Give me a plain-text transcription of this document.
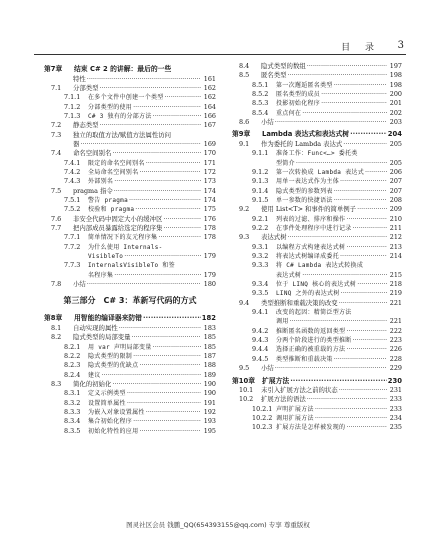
目 录 3
第7章	结束 C# 2 的讲解：最后的一些
特性 ·····	161
7.1	分部类型 ·····	162
7.1.1	在多个文件中创建一个类型 ·····	162
7.1.2	分部类型的使用 ·····	164
7.1.3	C# 3 独有的分部方法 ·····	166
7.2	静态类型 ·····	167
7.3	独立的取值方法/赋值方法属性访问
器 ·····	169
7.4	命名空间别名 ·····	170
7.4.1	限定的命名空间别名 ·····	171
7.4.2	全局命名空间别名 ·····	172
7.4.3	外部别名 ·····	173
7.5	pragma 指令 ·····	174
7.5.1	警告 pragma ·····	174
7.5.2	校验和 pragma ·····	175
7.6	非安全代码中固定大小的缓冲区 ·····	176
7.7	把内部成员暴露给选定的程序集 ·····	178
7.7.1	简单情况下的友元程序集 ·····	178
7.7.2	为什么使用 Internals-
VisibleTo ·····	179
7.7.3	InternalsVisibleTo 和签
名程序集 ·····	179
7.8	小结 ·····	180
第三部分 C# 3：革新写代码的方式
第8章	用智能的编译器来防错 ·····	182
8.1	自动实现的属性 ·····	183
8.2	隐式类型的局部变量 ·····	185
8.2.1	用 var 声明局部变量 ·····	185
8.2.2	隐式类型的限制 ·····	187
8.2.3	隐式类型的优缺点 ·····	188
8.2.4	建议 ·····	189
8.3	简化的初始化 ·····	190
8.3.1	定义示例类型 ·····	190
8.3.2	设置简单属性 ·····	191
8.3.3	为嵌入对象设置属性 ·····	192
8.3.4	集合初始化程序 ·····	193
8.3.5	初始化特性的应用 ·····	195
8.4	隐式类型的数组 ·····	197
8.5	匿名类型 ·····	198
8.5.1	第一次邂逅匿名类型 ·····	198
8.5.2	匿名类型的成员 ·····	200
8.5.3	投影初始化程序 ·····	201
8.5.4	重点何在 ·····	202
8.6	小结 ·····	203
第9章	Lambda 表达式和表达式树 ·····	204
9.1	作为委托的 Lambda 表达式 ·····	205
9.1.1	准备工作：Func<…> 委托类
型简介 ·····	205
9.1.2	第一次转换成 Lambda 表达式 ·····	206
9.1.3	用单一表达式作为主体 ·····	207
9.1.4	隐式类型的参数列表 ·····	207
9.1.5	单一参数的快捷语法 ·····	208
9.2	使用 List<T> 和事件的简单例子 ·····	209
9.2.1	列表的过滤、排序和操作 ·····	210
9.2.2	在事件处理程序中进行记录 ·····	211
9.3	表达式树 ·····	212
9.3.1	以编程方式构建表达式树 ·····	213
9.3.2	将表达式树编译成委托 ·····	214
9.3.3	将 C# Lambda 表达式转换成
表达式树 ·····	215
9.3.4	位于 LINQ 核心的表达式树 ·····	218
9.3.5	LINQ 之外的表达式树 ·····	219
9.4	类型推断和重载决策的改变 ·····	221
9.4.1	改变的起因：精简泛型方法
调用 ·····	221
9.4.2	推断匿名函数的返回类型 ·····	222
9.4.3	分两个阶段进行的类型推断 ·····	223
9.4.4	选择正确的被重载的方法 ·····	226
9.4.5	类型推断和重载决策 ·····	228
9.5	小结 ·····	229
第10章	扩展方法 ·····	230
10.1	未引入扩展方法之前的状态 ·····	231
10.2	扩展方法的语法 ·····	233
10.2.1 声明扩展方法 ·····	233
10.2.2 调用扩展方法 ·····	234
10.2.3 扩展方法是怎样被发现的 ·····	235
图灵社区会员 钱鹏_QQ(654393155@qq.com) 专享 尊重版权
